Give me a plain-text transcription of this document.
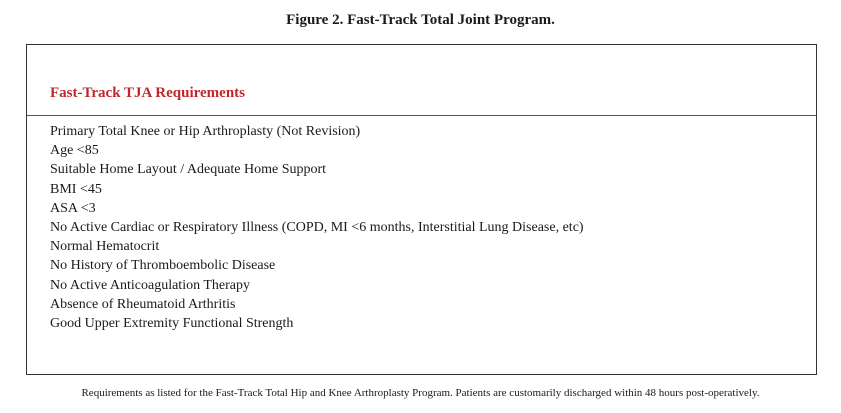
Figure 2. Fast-Track Total Joint Program.
Fast-Track TJA Requirements
Primary Total Knee or Hip Arthroplasty (Not Revision)
Age <85
Suitable Home Layout / Adequate Home Support
BMI <45
ASA <3
No Active Cardiac or Respiratory Illness (COPD, MI <6 months, Interstitial Lung Disease, etc)
Normal Hematocrit
No History of Thromboembolic Disease
No Active Anticoagulation Therapy
Absence of Rheumatoid Arthritis
Good Upper Extremity Functional Strength
Requirements as listed for the Fast-Track Total Hip and Knee Arthroplasty Program. Patients are customarily discharged within 48 hours post-operatively.
